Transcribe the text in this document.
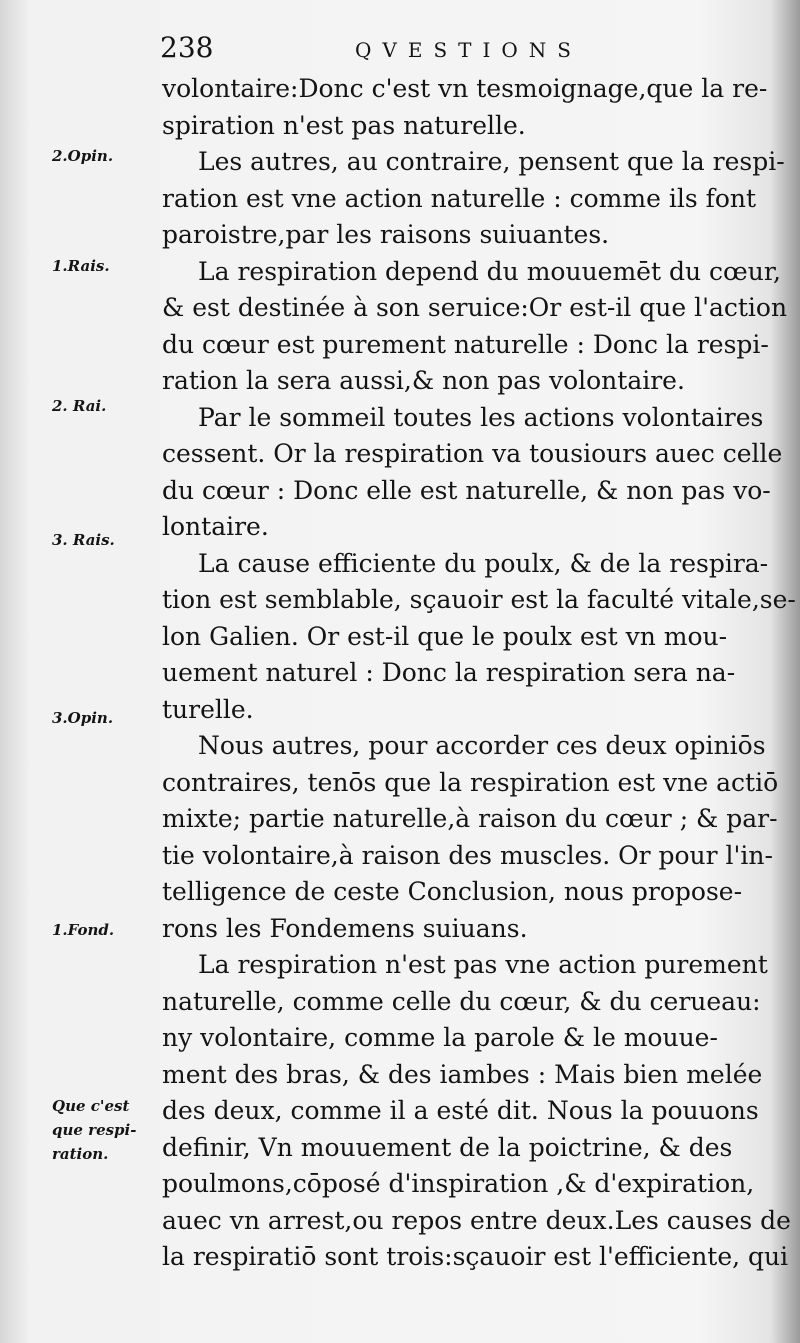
238	QVESTIONS
2.Opin.
1.Rais.
2. Rai.
3. Rais.
3.Opin.
1.Fond.
Que c'est
que respi-
ration.
volontaire:Donc c'est vn tesmoignage,que la re-
spiration n'est pas naturelle.
Les autres, au contraire, pensent que la respi-
ration est vne action naturelle : comme ils font
paroistre,par les raisons suiuantes.
La respiration depend du mouuemēt du cœur,
& est destinée à son seruice:Or est-il que l'action
du cœur est purement naturelle : Donc la respi-
ration la sera aussi,& non pas volontaire.
Par le sommeil toutes les actions volontaires
cessent. Or la respiration va tousiours auec celle
du cœur : Donc elle est naturelle, & non pas vo-
lontaire.
La cause efficiente du poulx, & de la respira-
tion est semblable, sçauoir est la faculté vitale,se-
lon Galien. Or est-il que le poulx est vn mou-
uement naturel : Donc la respiration sera na-
turelle.
Nous autres, pour accorder ces deux opiniōs
contraires, tenōs que la respiration est vne actiō
mixte; partie naturelle,à raison du cœur ; & par-
tie volontaire,à raison des muscles. Or pour l'in-
telligence de ceste Conclusion, nous propose-
rons les Fondemens suiuans.
La respiration n'est pas vne action purement
naturelle, comme celle du cœur, & du cerueau:
ny volontaire, comme la parole & le mouue-
ment des bras, & des iambes : Mais bien melée
des deux, comme il a esté dit. Nous la pouuons
definir, Vn mouuement de la poictrine, & des
poulmons,cōposé d'inspiration ,& d'expiration,
auec vn arrest,ou repos entre deux.Les causes de
la respiratiō sont trois:sçauoir est l'efficiente, qui
